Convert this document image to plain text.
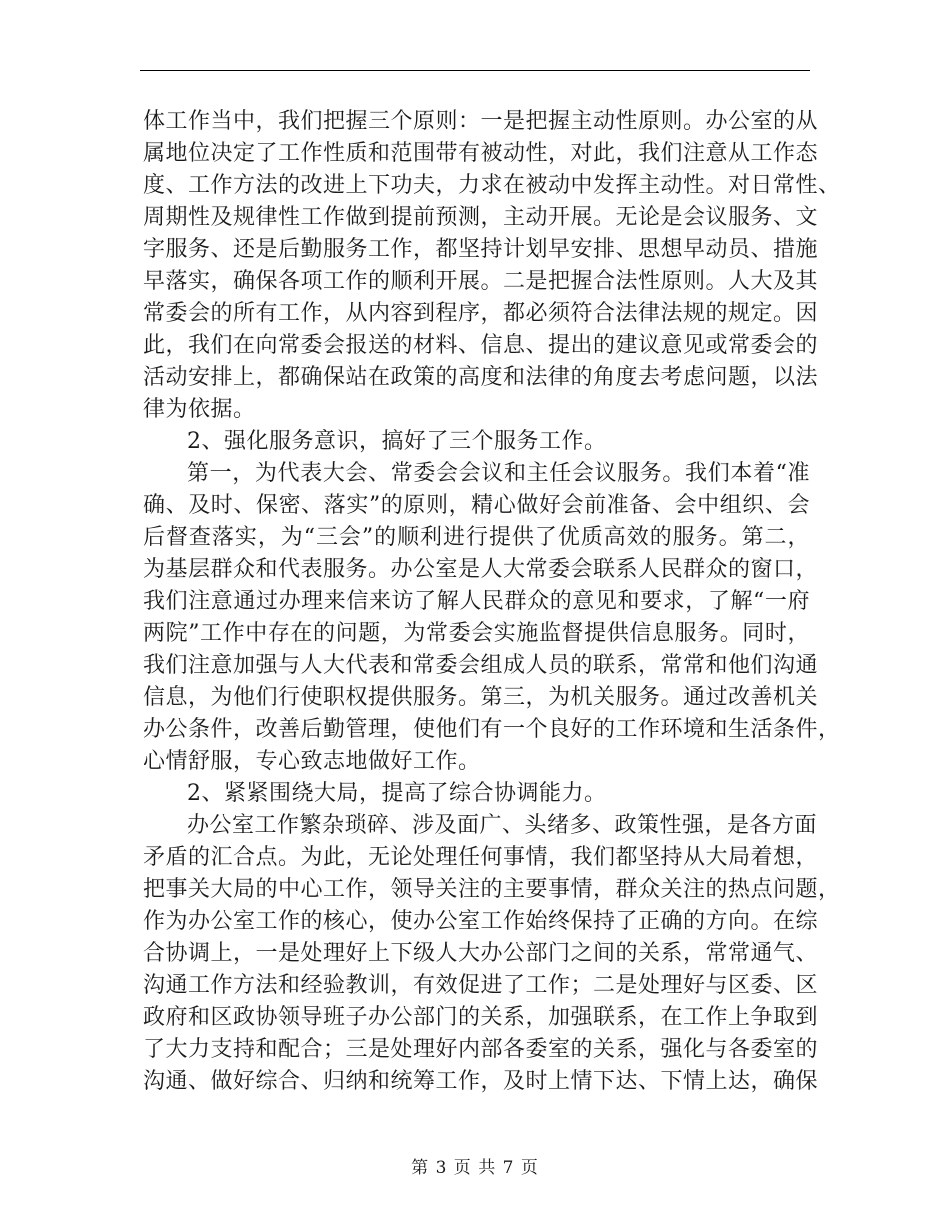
体工作当中，我们把握三个原则：一是把握主动性原则。办公室的从
属地位决定了工作性质和范围带有被动性，对此，我们注意从工作态
度、工作方法的改进上下功夫，力求在被动中发挥主动性。对日常性、
周期性及规律性工作做到提前预测，主动开展。无论是会议服务、文
字服务、还是后勤服务工作，都坚持计划早安排、思想早动员、措施
早落实，确保各项工作的顺利开展。二是把握合法性原则。人大及其
常委会的所有工作，从内容到程序，都必须符合法律法规的规定。因
此，我们在向常委会报送的材料、信息、提出的建议意见或常委会的
活动安排上，都确保站在政策的高度和法律的角度去考虑问题，以法
律为依据。
2、强化服务意识，搞好了三个服务工作。
第一，为代表大会、常委会会议和主任会议服务。我们本着“准
确、及时、保密、落实”的原则，精心做好会前准备、会中组织、会
后督查落实，为“三会”的顺利进行提供了优质高效的服务。第二，
为基层群众和代表服务。办公室是人大常委会联系人民群众的窗口，
我们注意通过办理来信来访了解人民群众的意见和要求，了解“一府
两院”工作中存在的问题，为常委会实施监督提供信息服务。同时，
我们注意加强与人大代表和常委会组成人员的联系，常常和他们沟通
信息，为他们行使职权提供服务。第三，为机关服务。通过改善机关
办公条件，改善后勤管理，使他们有一个良好的工作环境和生活条件，
心情舒服，专心致志地做好工作。
2、紧紧围绕大局，提高了综合协调能力。
办公室工作繁杂琐碎、涉及面广、头绪多、政策性强，是各方面
矛盾的汇合点。为此，无论处理任何事情，我们都坚持从大局着想，
把事关大局的中心工作，领导关注的主要事情，群众关注的热点问题，
作为办公室工作的核心，使办公室工作始终保持了正确的方向。在综
合协调上，一是处理好上下级人大办公部门之间的关系，常常通气、
沟通工作方法和经验教训，有效促进了工作；二是处理好与区委、区
政府和区政协领导班子办公部门的关系，加强联系，在工作上争取到
了大力支持和配合；三是处理好内部各委室的关系，强化与各委室的
沟通、做好综合、归纳和统筹工作，及时上情下达、下情上达，确保
第 3 页 共 7 页
